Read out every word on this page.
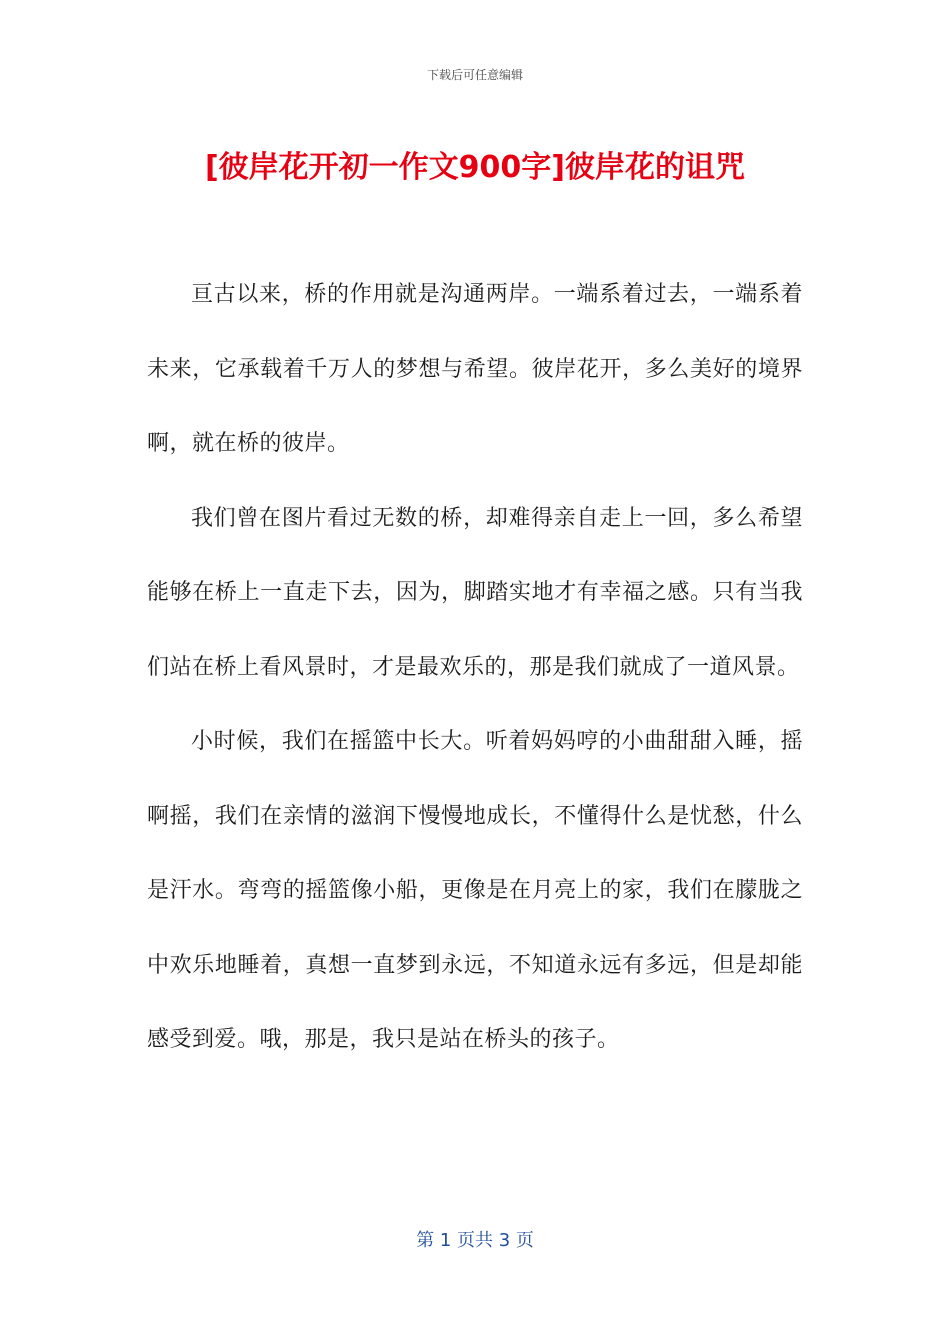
下载后可任意编辑
[彼岸花开初一作文900字]彼岸花的诅咒

亘古以来，桥的作用就是沟通两岸。一端系着过去，一端系着未来，它承载着千万人的梦想与希望。彼岸花开，多么美好的境界啊，就在桥的彼岸。

我们曾在图片看过无数的桥，却难得亲自走上一回，多么希望能够在桥上一直走下去，因为，脚踏实地才有幸福之感。只有当我们站在桥上看风景时，才是最欢乐的，那是我们就成了一道风景。

小时候，我们在摇篮中长大。听着妈妈哼的小曲甜甜入睡，摇啊摇，我们在亲情的滋润下慢慢地成长，不懂得什么是忧愁，什么是汗水。弯弯的摇篮像小船，更像是在月亮上的家，我们在朦胧之中欢乐地睡着，真想一直梦到永远，不知道永远有多远，但是却能感受到爱。哦，那是，我只是站在桥头的孩子。

第 1 页共 3 页
